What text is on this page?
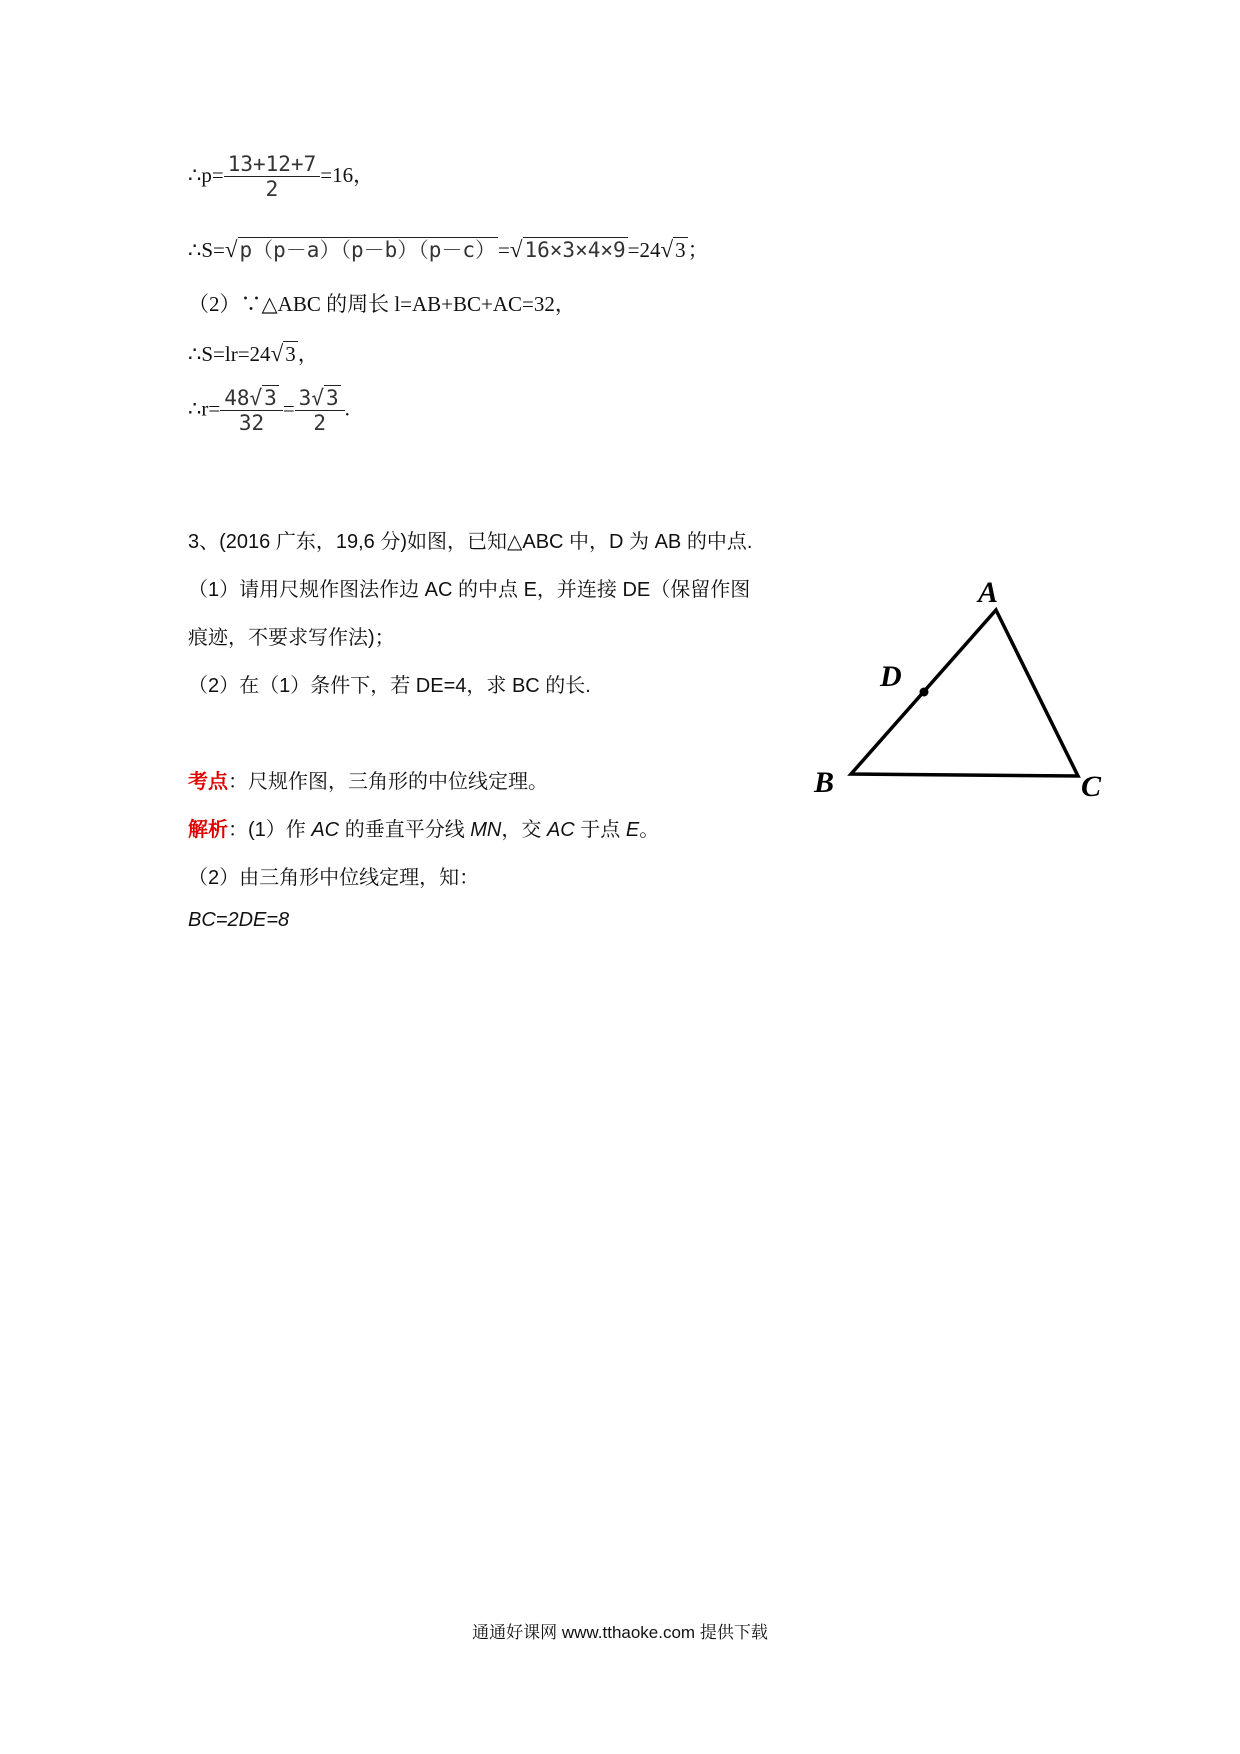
∴p= $\frac{13+12+7}{2} =16$，
∴S=√p（p－a）（p－b）（p－c）=√16×3×4×9=24√3；
（2）∵△ABC 的周长 l=AB+BC+AC=32，
∴S=lr=24√3，
∴r= $\frac{48√3}{32} = \frac{3√3}{2}$ .
3、(2016 广东，19,6 分)如图，已知△ABC 中，D 为 AB 的中点.
（1）请用尺规作图法作边 AC 的中点 E，并连接 DE（保留作图
痕迹，不要求写作法)；
（2）在（1）条件下，若 DE=4，求 BC 的长.
考点：尺规作图，三角形的中位线定理。
解析：(1）作 AC 的垂直平分线 MN，交 AC 于点 E。
（2）由三角形中位线定理，知：
BC=2DE=8
A
B	C
D
通通好课网 www.tthaoke.com 提供下载
